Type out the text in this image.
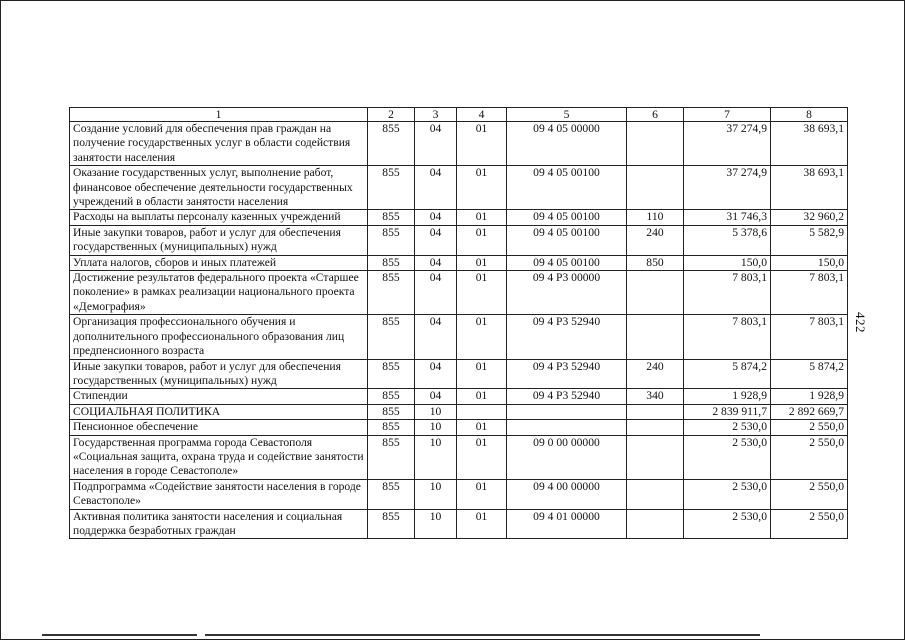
422
1	2	3	4	5	6	7	8
Создание условий для обеспечения прав граждан на получение государственных услуг в области содействия занятости населения	855	04	01	09 4 05 00000		37 274,9	38 693,1
Оказание государственных услуг, выполнение работ, финансовое обеспечение деятельности государственных учреждений в области занятости населения	855	04	01	09 4 05 00100		37 274,9	38 693,1
Расходы на выплаты персоналу казенных учреждений	855	04	01	09 4 05 00100	110	31 746,3	32 960,2
Иные закупки товаров, работ и услуг для обеспечения государственных (муниципальных) нужд	855	04	01	09 4 05 00100	240	5 378,6	5 582,9
Уплата налогов, сборов и иных платежей	855	04	01	09 4 05 00100	850	150,0	150,0
Достижение результатов федерального проекта «Старшее поколение» в рамках реализации национального проекта «Демография»	855	04	01	09 4 P3 00000		7 803,1	7 803,1
Организация профессионального обучения и дополнительного профессионального образования лиц предпенсионного возраста	855	04	01	09 4 P3 52940		7 803,1	7 803,1
Иные закупки товаров, работ и услуг для обеспечения государственных (муниципальных) нужд	855	04	01	09 4 P3 52940	240	5 874,2	5 874,2
Стипендии	855	04	01	09 4 P3 52940	340	1 928,9	1 928,9
СОЦИАЛЬНАЯ ПОЛИТИКА	855	10				2 839 911,7	2 892 669,7
Пенсионное обеспечение	855	10	01			2 530,0	2 550,0
Государственная программа города Севастополя «Социальная защита, охрана труда и содействие занятости населения в городе Севастополе»	855	10	01	09 0 00 00000		2 530,0	2 550,0
Подпрограмма «Содействие занятости населения в городе Севастополе»	855	10	01	09 4 00 00000		2 530,0	2 550,0
Активная политика занятости населения и социальная поддержка безработных граждан	855	10	01	09 4 01 00000		2 530,0	2 550,0
